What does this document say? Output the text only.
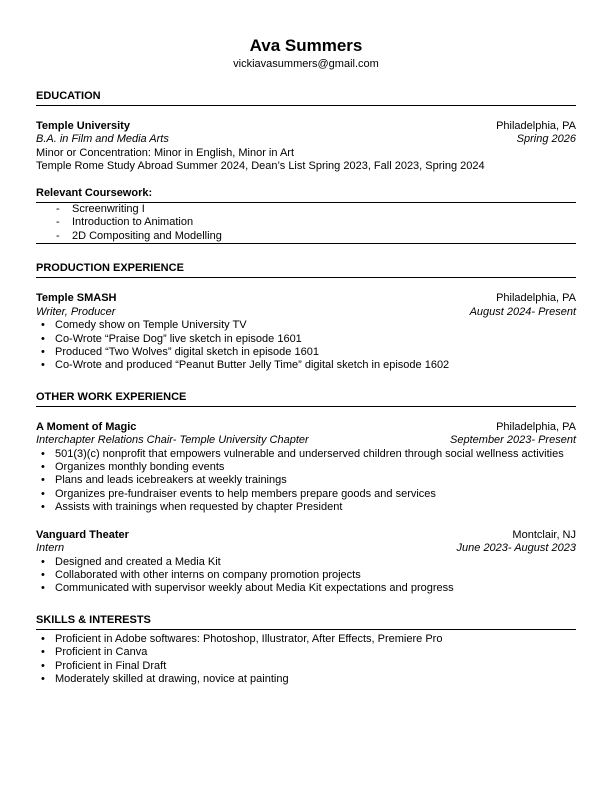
Ava Summers
vickiavasummers@gmail.com
EDUCATION
Temple University	Philadelphia, PA
B.A. in Film and Media Arts	Spring 2026
Minor or Concentration: Minor in English, Minor in Art
Temple Rome Study Abroad Summer 2024, Dean’s List Spring 2023, Fall 2023, Spring 2024
Relevant Coursework:
- Screenwriting I
- Introduction to Animation
- 2D Compositing and Modelling
PRODUCTION EXPERIENCE
Temple SMASH	Philadelphia, PA
Writer, Producer	August 2024- Present
• Comedy show on Temple University TV
• Co-Wrote “Praise Dog” live sketch in episode 1601
• Produced “Two Wolves” digital sketch in episode 1601
• Co-Wrote and produced “Peanut Butter Jelly Time” digital sketch in episode 1602
OTHER WORK EXPERIENCE
A Moment of Magic	Philadelphia, PA
Interchapter Relations Chair- Temple University Chapter	September 2023- Present
• 501(3)(c) nonprofit that empowers vulnerable and underserved children through social wellness activities
• Organizes monthly bonding events
• Plans and leads icebreakers at weekly trainings
• Organizes pre-fundraiser events to help members prepare goods and services
• Assists with trainings when requested by chapter President
Vanguard Theater	Montclair, NJ
Intern	June 2023- August 2023
• Designed and created a Media Kit
• Collaborated with other interns on company promotion projects
• Communicated with supervisor weekly about Media Kit expectations and progress
SKILLS & INTERESTS
• Proficient in Adobe softwares: Photoshop, Illustrator, After Effects, Premiere Pro
• Proficient in Canva
• Proficient in Final Draft
• Moderately skilled at drawing, novice at painting
